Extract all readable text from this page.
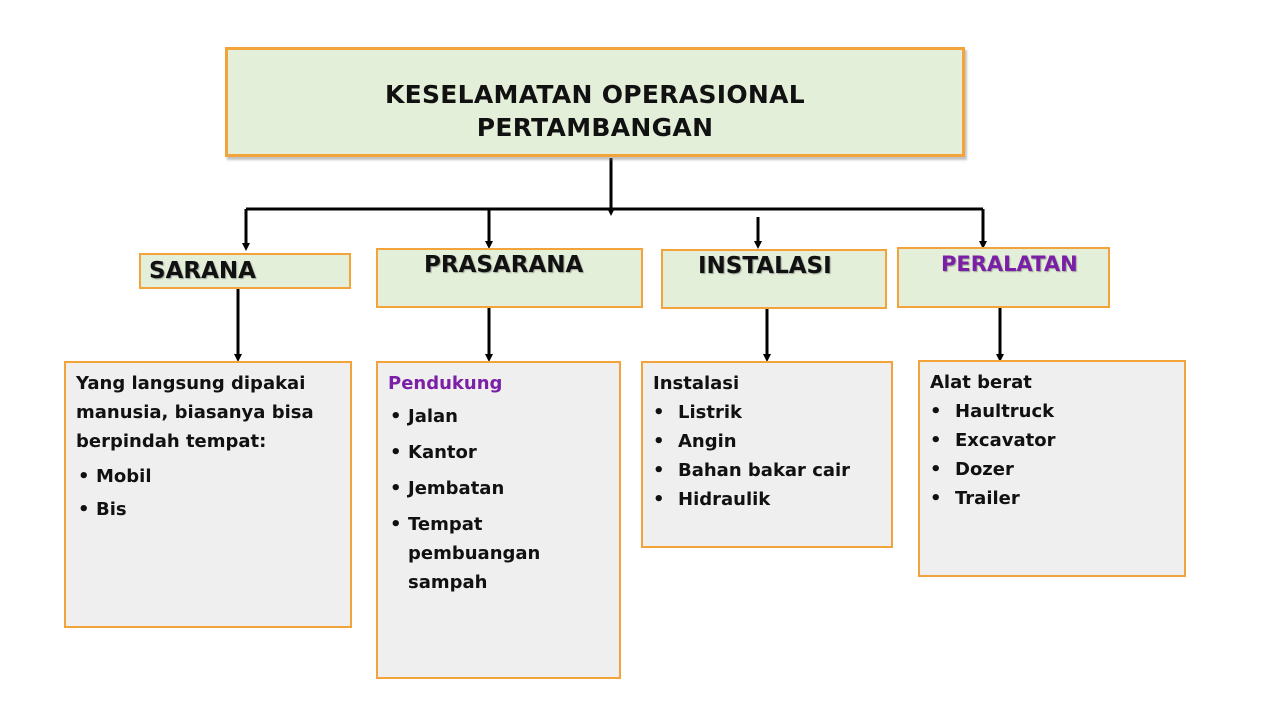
KESELAMATAN OPERASIONAL
PERTAMBANGAN
SARANA
Yang langsung dipakai manusia, biasanya bisa berpindah tempat:
• Mobil
• Bis
PRASARANA
Pendukung
• Jalan
• Kantor
• Jembatan
• Tempat pembuangan sampah
INSTALASI
Instalasi
• Listrik
• Angin
• Bahan bakar cair
• Hidraulik
PERALATAN
Alat berat
• Haultruck
• Excavator
• Dozer
• Trailer
